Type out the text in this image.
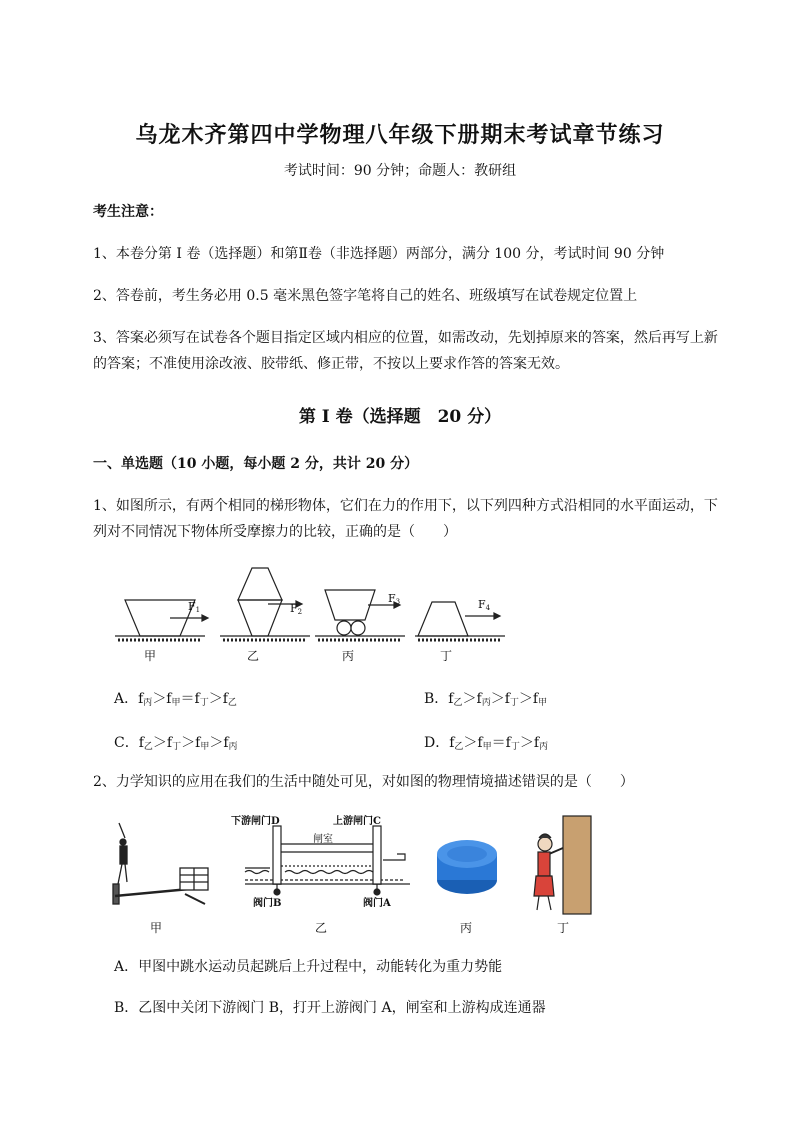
乌龙木齐第四中学物理八年级下册期末考试章节练习
考试时间：90 分钟；命题人：教研组
考生注意：
1、本卷分第 I 卷（选择题）和第Ⅱ卷（非选择题）两部分，满分 100 分，考试时间 90 分钟
2、答卷前，考生务必用 0.5 毫米黑色签字笔将自己的姓名、班级填写在试卷规定位置上
3、答案必须写在试卷各个题目指定区域内相应的位置，如需改动，先划掉原来的答案，然后再写上新
的答案；不准使用涂改液、胶带纸、修正带，不按以上要求作答的答案无效。
第 I 卷（选择题　20 分）
一、单选题（10 小题，每小题 2 分，共计 20 分）
1、如图所示，有两个相同的梯形物体，它们在力的作用下，以下列四种方式沿相同的水平面运动，下
列对不同情况下物体所受摩擦力的比较，正确的是（　　）
F1	F2
F3	F4
甲	乙	丙	丁
A．$f_丙>f_甲=f_丁>f_乙$	B．$f_乙>f_丙>f_丁>f_甲$
C．$f_乙>f_丁>f_甲>f_丙$	D．$f_乙>f_甲=f_丁>f_丙$
2、力学知识的应用在我们的生活中随处可见，对如图的物理情境描述错误的是（　　）
下游闸门D	上游闸门C
闸室
阀门B	阀门A
甲	乙	丙	丁
A．甲图中跳水运动员起跳后上升过程中，动能转化为重力势能
B．乙图中关闭下游阀门 B，打开上游阀门 A，闸室和上游构成连通器
